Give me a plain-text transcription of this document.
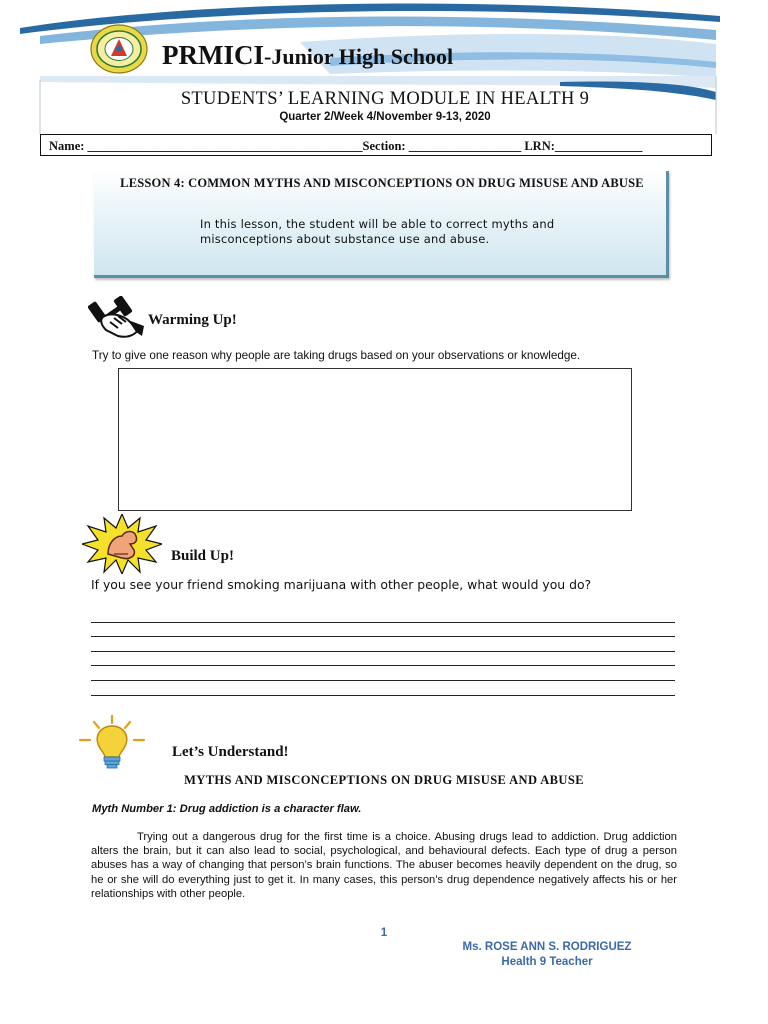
PRMICI-Junior High School
STUDENTS’ LEARNING MODULE IN HEALTH 9
Quarter 2/Week 4/November 9-13, 2020
Name: ____________________________________________Section: __________________ LRN:______________
LESSON 4: COMMON MYTHS AND MISCONCEPTIONS ON DRUG MISUSE AND ABUSE
In this lesson, the student will be able to correct myths and misconceptions about substance use and abuse.
Warming Up!
Try to give one reason why people are taking drugs based on your observations or knowledge.
Build Up!
If you see your friend smoking marijuana with other people, what would you do?
Let’s Understand!
MYTHS AND MISCONCEPTIONS ON DRUG MISUSE AND ABUSE
Myth Number 1: Drug addiction is a character flaw.
Trying out a dangerous drug for the first time is a choice. Abusing drugs lead to addiction. Drug addiction alters the brain, but it can also lead to social, psychological, and behavioural defects. Each type of drug a person abuses has a way of changing that person’s brain functions. The abuser becomes heavily dependent on the drug, so he or she will do everything just to get it. In many cases, this person’s drug dependence negatively affects his or her relationships with other people.
1
Ms. ROSE ANN S. RODRIGUEZ
Health 9 Teacher
